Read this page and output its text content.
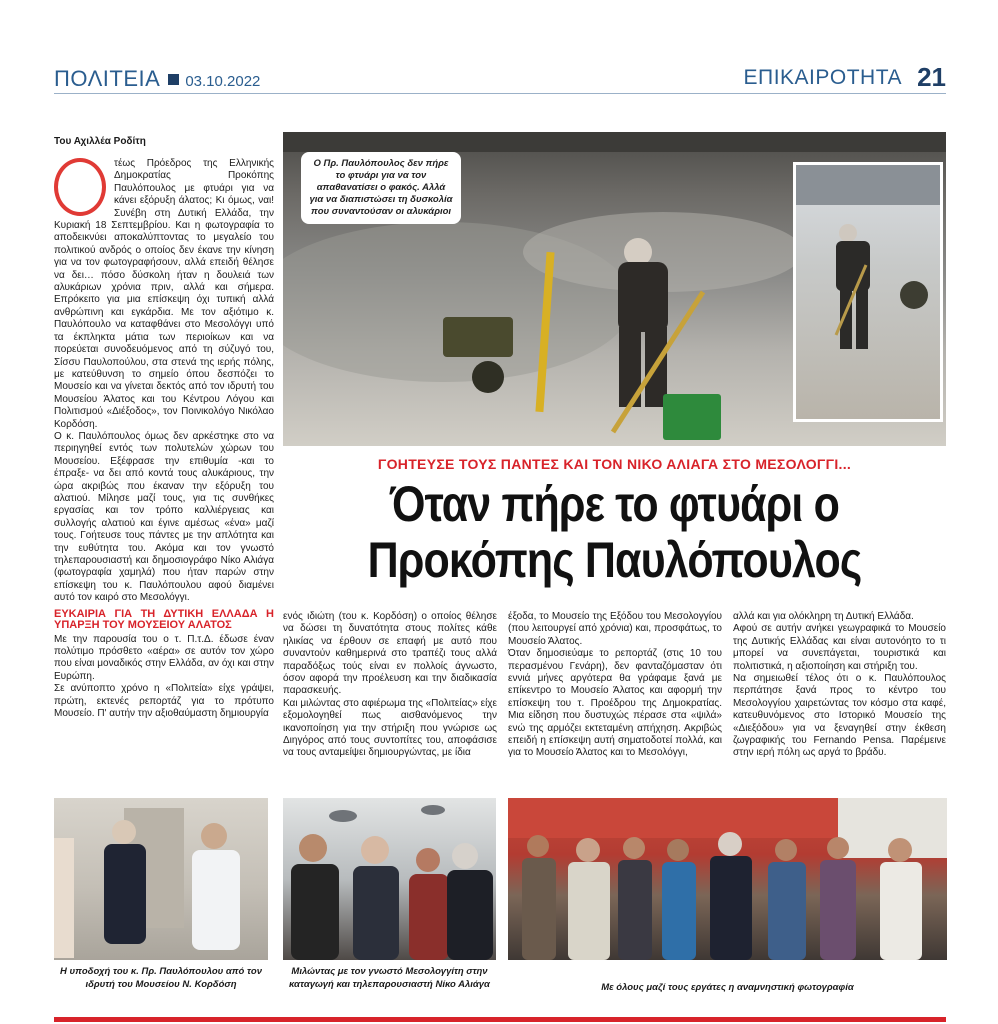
ΠΟΛΙΤΕΙΑ 03.10.2022	ΕΠΙΚΑΙΡΟΤΗΤΑ 21
Του Αχιλλέα Ροδίτη

τέως Πρόεδρος της Ελληνικής Δημοκρατίας Προκόπης Παυλόπουλος με φτυάρι για να κάνει εξόρυξη άλατος; Κι όμως, ναι! Συνέβη στη Δυτική Ελλάδα, την Κυριακή 18 Σεπτεμβρίου. Και η φωτογραφία το αποδεικνύει αποκαλύπτοντας το μεγαλείο του πολιτικού ανδρός ο οποίος δεν έκανε την κίνηση για να τον φωτογραφήσουν, αλλά επειδή θέλησε να δει… πόσο δύσκολη ήταν η δουλειά των αλυκάριων χρόνια πριν, αλλά και σήμερα. Επρόκειτο για μια επίσκεψη όχι τυπική αλλά ανθρώπινη και εγκάρδια. Με τον αξιότιμο κ. Παυλόπουλο να καταφθάνει στο Μεσολόγγι υπό τα έκπληκτα μάτια των περιοίκων και να πορεύεται συνοδευόμενος από τη σύζυγό του, Σίσσυ Παυλοπούλου, στα στενά της ιερής πόλης, με κατεύθυνση το σημείο όπου δεσπόζει το Μουσείο και να γίνεται δεκτός από τον ιδρυτή του Μουσείου Άλατος και του Κέντρου Λόγου και Πολιτισμού «Διέξοδος», τον Ποινικολόγο Νικόλαο Κορδόση.

Ο κ. Παυλόπουλος όμως δεν αρκέστηκε στο να περιηγηθεί εντός των πολυτελών χώρων του Μουσείου. Εξέφρασε την επιθυμία -και το έπραξε- να δει από κοντά τους αλυκάριους, την ώρα ακριβώς που έκαναν την εξόρυξη του αλατιού. Μίλησε μαζί τους, για τις συνθήκες εργασίας και τον τρόπο καλλιέργειας και συλλογής αλατιού και έγινε αμέσως «ένα» μαζί τους. Γοήτευσε τους πάντες με την απλότητα και την ευθύτητα του. Ακόμα και τον γνωστό τηλεπαρουσιαστή και δημοσιογράφο Νίκο Αλιάγα (φωτογραφία χαμηλά) που ήταν παρών στην επίσκεψη του κ. Παυλόπουλου αφού διαμένει αυτό τον καιρό στο Μεσολόγγι.

ΕΥΚΑΙΡΙΑ ΓΙΑ ΤΗ ΔΥΤΙΚΗ ΕΛΛΑΔΑ Η ΥΠΑΡΞΗ ΤΟΥ ΜΟΥΣΕΙΟΥ ΑΛΑΤΟΣ

Με την παρουσία του ο τ. Π.τ.Δ. έδωσε έναν πολύτιμο πρόσθετο «αέρα» σε αυτόν τον χώρο που είναι μοναδικός στην Ελλάδα, αν όχι και στην Ευρώπη.

Σε ανύποπτο χρόνο η «Πολιτεία» είχε γράψει, πρώτη, εκτενές ρεπορτάζ για το πρότυπο Μουσείο. Π' αυτήν την αξιοθαύμαστη δημιουργία

Ο Πρ. Παυλόπουλος δεν πήρε το φτυάρι για να τον απαθανατίσει ο φακός. Αλλά για να διαπιστώσει τη δυσκολία που συναντούσαν οι αλυκάριοι
ΓΟΗΤΕΥΣΕ ΤΟΥΣ ΠΑΝΤΕΣ ΚΑΙ ΤΟΝ ΝΙΚΟ ΑΛΙΑΓΑ ΣΤΟ ΜΕΣΟΛΟΓΓΙ...
Όταν πήρε το φτυάρι ο
Προκόπης Παυλόπουλος

ενός ιδιώτη (του κ. Κορδόση) ο οποίος θέλησε να δώσει τη δυνατότητα στους πολίτες κάθε ηλικίας να έρθουν σε επαφή με αυτό που συναντούν καθημερινά στο τραπέζι τους αλλά παραδόξως τούς είναι εν πολλοίς άγνωστο, όσον αφορά την προέλευση και την διαδικασία παρασκευής.

Και μιλώντας στο αφιέρωμα της «Πολιτείας» είχε εξομολογηθεί πως αισθανόμενος την ικανοποίηση για την στήριξη που γνώρισε ως Διηγόρος από τους συντοπίτες του, αποφάσισε να τους ανταμείψει δημιουργώντας, με ίδια

έξοδα, το Μουσείο της Εξόδου του Μεσολογγίου (που λειτουργεί από χρόνια) και, προσφάτως, το Μουσείο Άλατος.

Όταν δημοσιεύαμε το ρεπορτάζ (στις 10 του περασμένου Γενάρη), δεν φανταζόμασταν ότι εννιά μήνες αργότερα θα γράφαμε ξανά με επίκεντρο το Μουσείο Άλατος και αφορμή την επίσκεψη του τ. Προέδρου της Δημοκρατίας. Μια είδηση που δυστυχώς πέρασε στα «ψιλά» ενώ της αρμόζει εκτεταμένη απήχηση. Ακριβώς επειδή η επίσκεψη αυτή σηματοδοτεί πολλά, και για το Μουσείο Άλατος και το Μεσολόγγι,

αλλά και για ολόκληρη τη Δυτική Ελλάδα.

Αφού σε αυτήν ανήκει γεωγραφικά το Μουσείο της Δυτικής Ελλάδας και είναι αυτονόητο το τι μπορεί να συνεπάγεται, τουριστικά και πολιτιστικά, η αξιοποίηση και στήριξη του.

Να σημειωθεί τέλος ότι ο κ. Παυλόπουλος περπάτησε ξανά προς το κέντρο του Μεσολογγίου χαιρετώντας τον κόσμο στα καφέ, κατευθυνόμενος στο Ιστορικό Μουσείο της «Διεξόδου» για να ξεναγηθεί στην έκθεση ζωγραφικής του Fernando Pensa. Παρέμεινε στην ιερή πόλη ως αργά το βράδυ.

Η υποδοχή του κ. Πρ. Παυλόπουλου από τον ιδρυτή του Μουσείου Ν. Κορδόση
Μιλώντας με τον γνωστό Μεσολογγίτη στην καταγωγή και τηλεπαρουσιαστή Νίκο Αλιάγα	Με όλους μαζί τους εργάτες η αναμνηστική φωτογραφία
